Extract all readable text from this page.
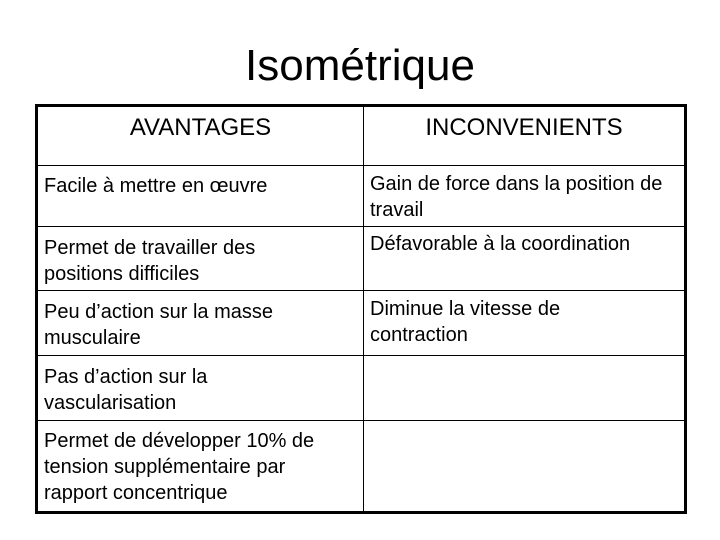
Isométrique
AVANTAGES	INCONVENIENTS
Facile à mettre en œuvre
Permet de travailler des positions difficiles
Peu d’action sur la masse musculaire
Pas d’action sur la vascularisation
Permet de développer 10% de tension supplémentaire par rapport concentrique
Gain de force dans la position de travail
Défavorable à la coordination
Diminue la vitesse de contraction
